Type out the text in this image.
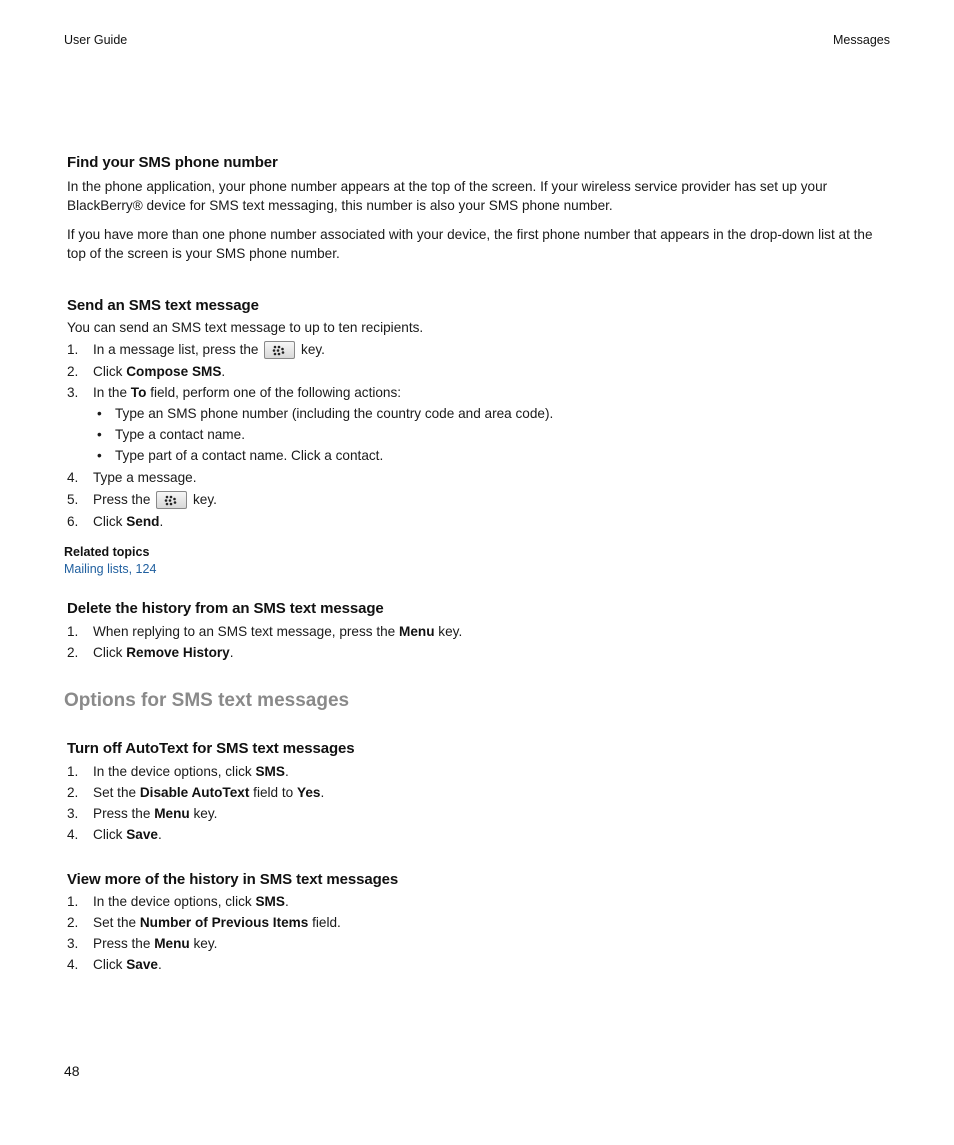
User Guide	Messages
Find your SMS phone number

In the phone application, your phone number appears at the top of the screen. If your wireless service provider has set up your BlackBerry® device for SMS text messaging, this number is also your SMS phone number.

If you have more than one phone number associated with your device, the first phone number that appears in the drop-down list at the top of the screen is your SMS phone number.

Send an SMS text message

You can send an SMS text message to up to ten recipients.

1. In a message list, press the	key.
2. Click Compose SMS.
3. In the To field, perform one of the following actions:
• Type an SMS phone number (including the country code and area code).
• Type a contact name.
• Type part of a contact name. Click a contact.
4. Type a message.
5. Press the	key.
6. Click Send.
Related topics
Mailing lists, 124
Delete the history from an SMS text message
1. When replying to an SMS text message, press the Menu key.
2. Click Remove History.
Options for SMS text messages
Turn off AutoText for SMS text messages
1. In the device options, click SMS.
2. Set the Disable AutoText field to Yes.
3. Press the Menu key.
4. Click Save.
View more of the history in SMS text messages
1. In the device options, click SMS.
2. Set the Number of Previous Items field.
3. Press the Menu key.
4. Click Save.
48
